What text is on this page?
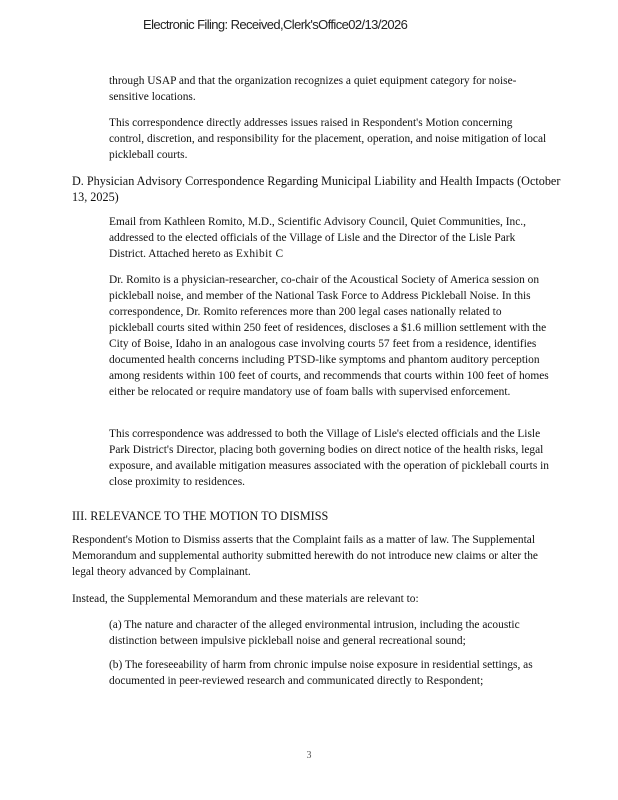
Electronic Filing: Received,Clerk'sOffice02/13/2026

through USAP and that the organization recognizes a quiet equipment category for noise-sensitive locations.

This correspondence directly addresses issues raised in Respondent's Motion concerning control, discretion, and responsibility for the placement, operation, and noise mitigation of local pickleball courts.

D. Physician Advisory Correspondence Regarding Municipal Liability and Health Impacts (October 13, 2025)

Email from Kathleen Romito, M.D., Scientific Advisory Council, Quiet Communities, Inc., addressed to the elected officials of the Village of Lisle and the Director of the Lisle Park District. Attached hereto as Exhibit C

Dr. Romito is a physician-researcher, co-chair of the Acoustical Society of America session on pickleball noise, and member of the National Task Force to Address Pickleball Noise. In this correspondence, Dr. Romito references more than 200 legal cases nationally related to pickleball courts sited within 250 feet of residences, discloses a $1.6 million settlement with the City of Boise, Idaho in an analogous case involving courts 57 feet from a residence, identifies documented health concerns including PTSD-like symptoms and phantom auditory perception among residents within 100 feet of courts, and recommends that courts within 100 feet of homes either be relocated or require mandatory use of foam balls with supervised enforcement.

This correspondence was addressed to both the Village of Lisle's elected officials and the Lisle Park District's Director, placing both governing bodies on direct notice of the health risks, legal exposure, and available mitigation measures associated with the operation of pickleball courts in close proximity to residences.

III. RELEVANCE TO THE MOTION TO DISMISS

Respondent's Motion to Dismiss asserts that the Complaint fails as a matter of law. The Supplemental Memorandum and supplemental authority submitted herewith do not introduce new claims or alter the legal theory advanced by Complainant.

Instead, the Supplemental Memorandum and these materials are relevant to:

(a) The nature and character of the alleged environmental intrusion, including the acoustic distinction between impulsive pickleball noise and general recreational sound;

(b) The foreseeability of harm from chronic impulse noise exposure in residential settings, as documented in peer-reviewed research and communicated directly to Respondent;

3
